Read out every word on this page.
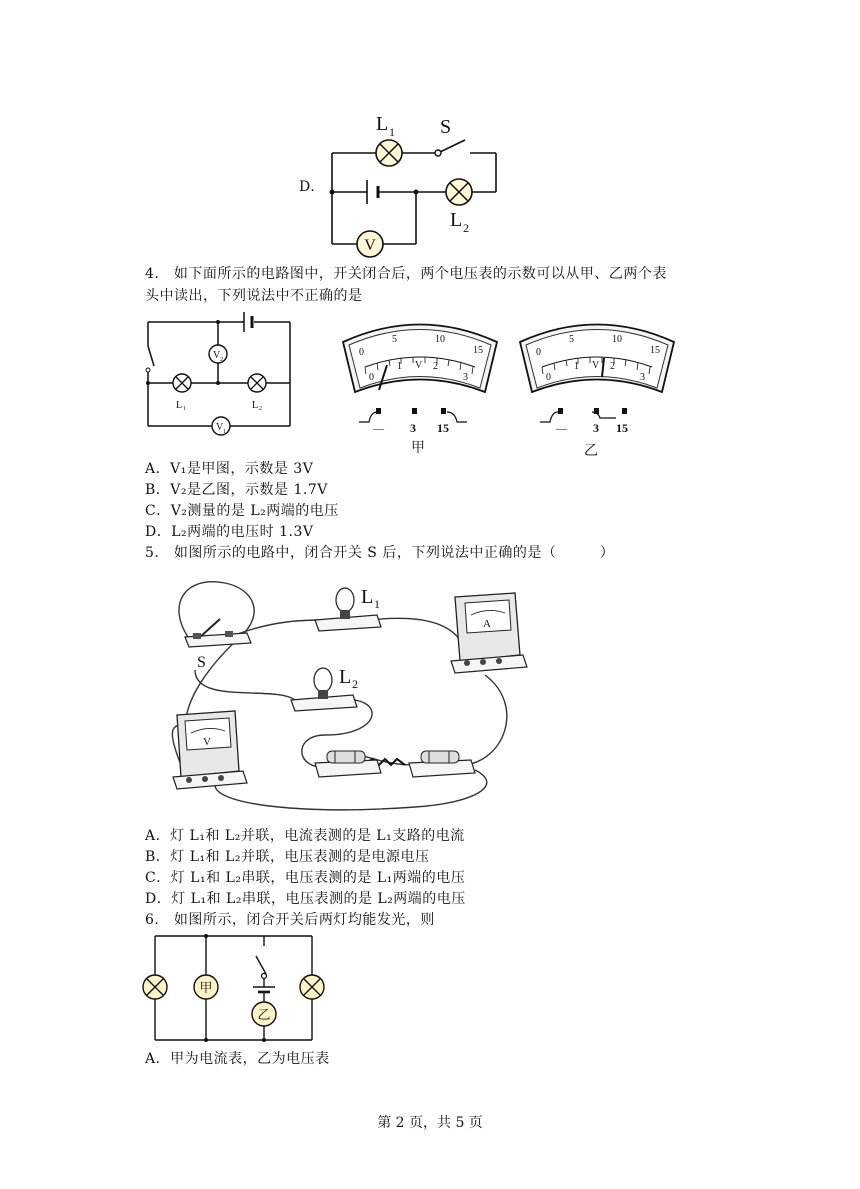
D.
V
L 1 S
L 2
4.　如下面所示的电路图中，开关闭合后，两个电压表的示数可以从甲、乙两个表
头中读出，下列说法中不正确的是
V 2
V 1
L 1	L 2
0
5	10
15
0
1	2
3
V
— 3 15
甲
0
5	10
15
0
1	2
3
V
— 3 15
乙
A．V₁是甲图，示数是 3V
B．V₂是乙图，示数是 1.7V
C．V₂测量的是 L₂两端的电压
D．L₂两端的电压时 1.3V
5.　如图所示的电路中，闭合开关 S 后，下列说法中正确的是（　　　）
S
L 1
L 2
A
V
A．灯 L₁和 L₂并联，电流表测的是 L₁支路的电流
B．灯 L₁和 L₂并联，电压表测的是电源电压
C．灯 L₁和 L₂串联，电压表测的是 L₁两端的电压
D．灯 L₁和 L₂串联，电压表测的是 L₂两端的电压
6.　如图所示，闭合开关后两灯均能发光，则
甲
乙
A．甲为电流表，乙为电压表
第 2 页，共 5 页
